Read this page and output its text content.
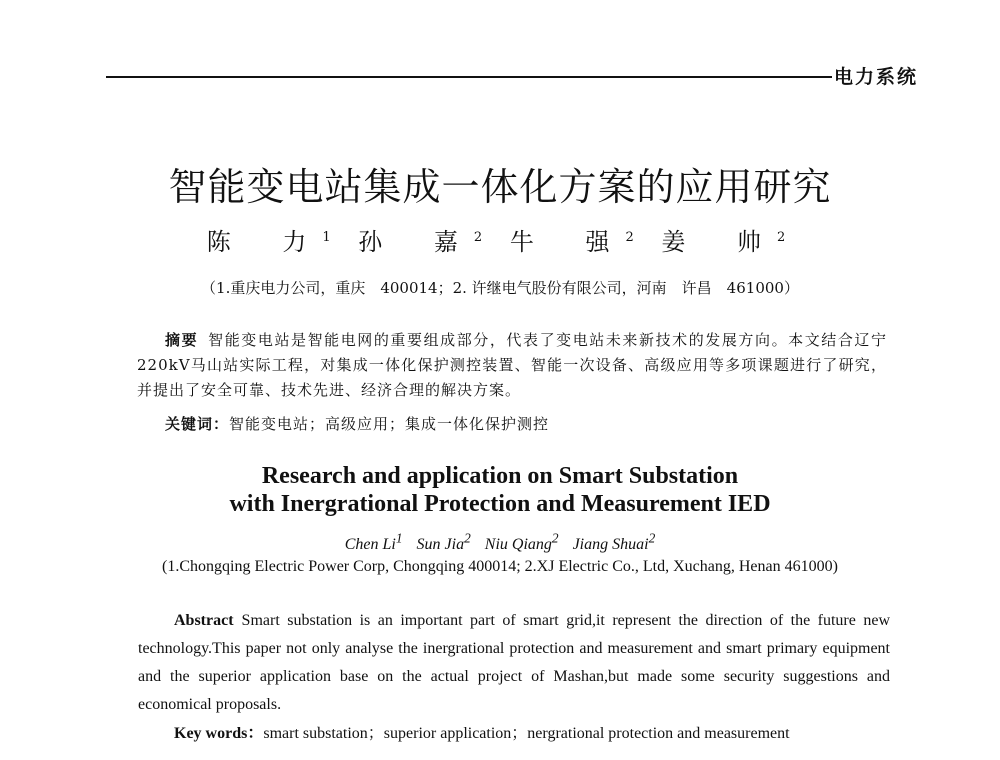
电力系统
智能变电站集成一体化方案的应用研究
陈 力$^1$ 孙 嘉$^2$ 牛 强$^2$ 姜 帅$^2$
（1.重庆电力公司，重庆　400014；2. 许继电气股份有限公司，河南　许昌　461000）
摘要 智能变电站是智能电网的重要组成部分，代表了变电站未来新技术的发展方向。本文结合辽宁220kV马山站实际工程，对集成一体化保护测控装置、智能一次设备、高级应用等多项课题进行了研究，并提出了安全可靠、技术先进、经济合理的解决方案。
关键词：智能变电站；高级应用；集成一体化保护测控
Research and application on Smart Substation
with Inergrational Protection and Measurement IED
Chen Li$^1$ Sun Jia$^2$ Niu Qiang$^2$ Jiang Shuai$^2$
(1.Chongqing Electric Power Corp, Chongqing 400014; 2.XJ Electric Co., Ltd, Xuchang, Henan 461000)
Abstract Smart substation is an important part of smart grid,it represent the direction of the future new technology.This paper not only analyse the inergrational protection and measurement and smart primary equipment and the superior application base on the actual project of Mashan,but made some security suggestions and economical proposals.
Key words：smart substation；superior application；nergrational protection and measurement
